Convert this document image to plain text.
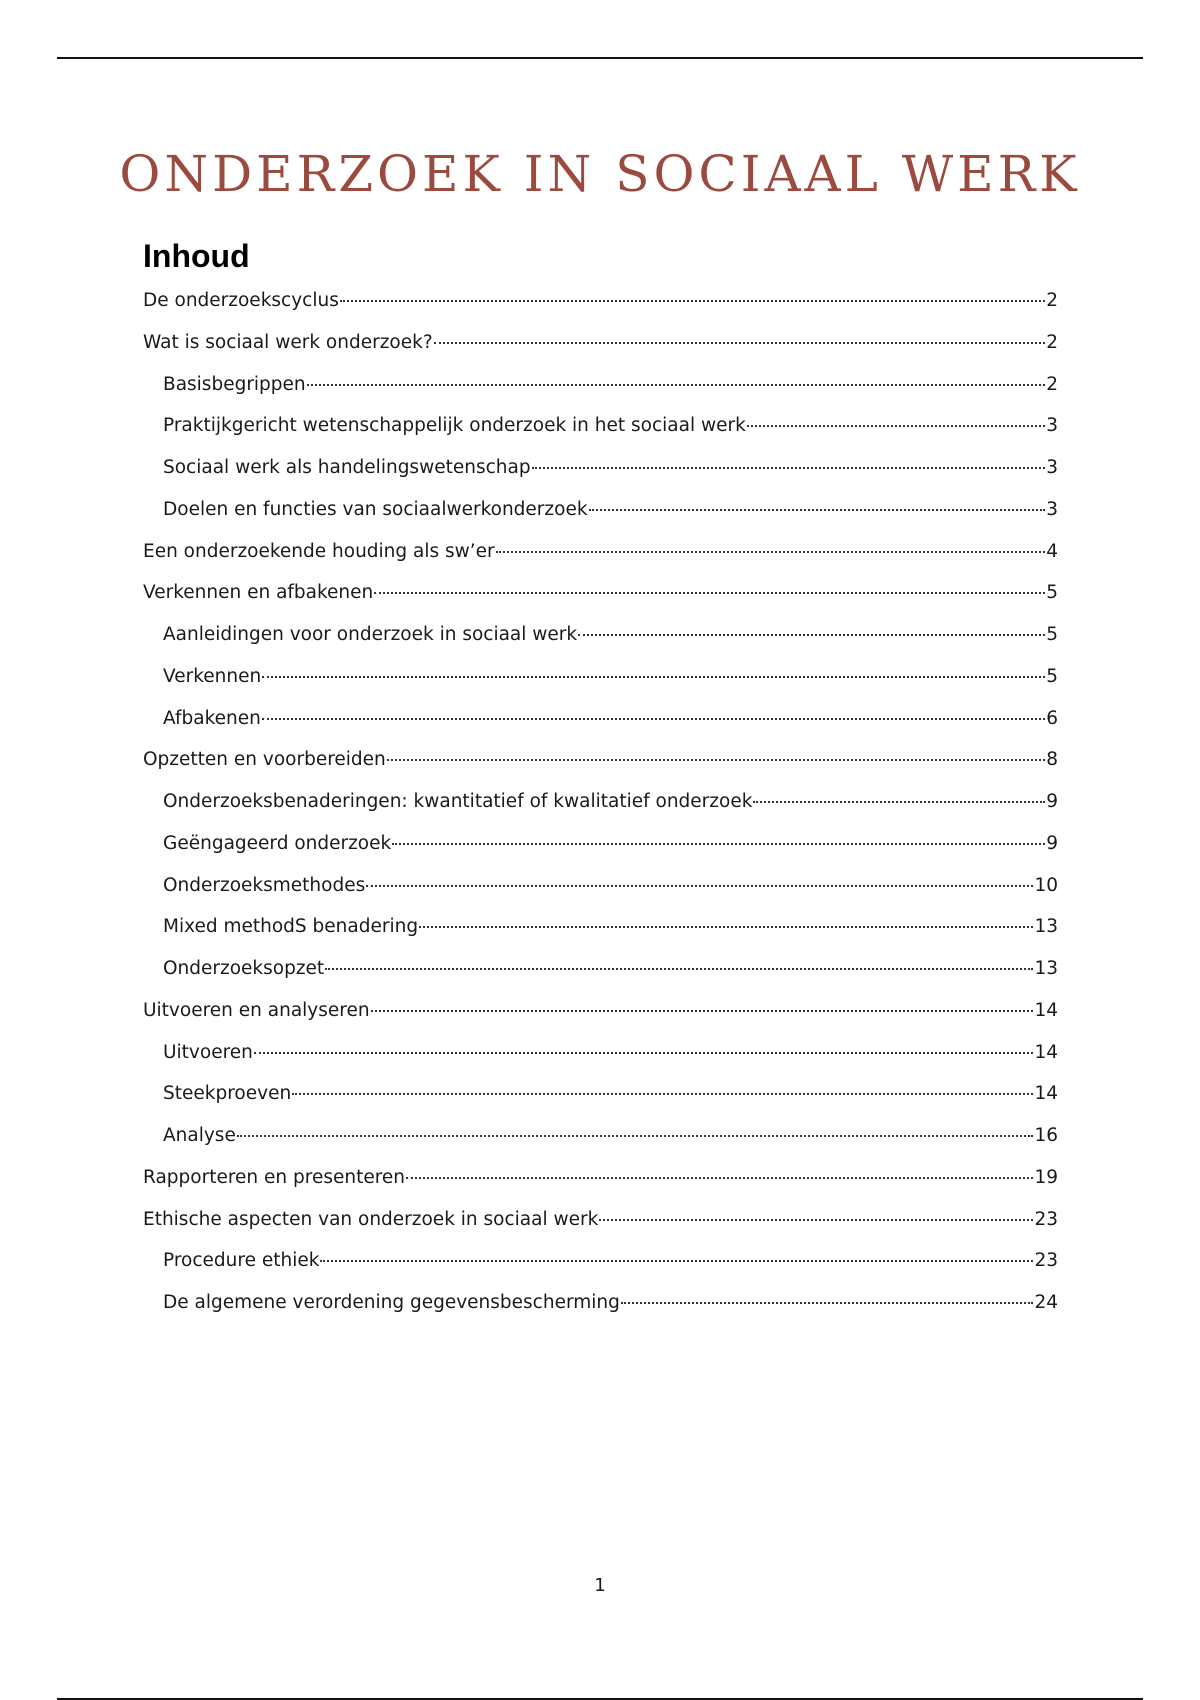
ONDERZOEK IN SOCIAAL WERK
Inhoud
De onderzoekscyclus	2
Wat is sociaal werk onderzoek?	2
Basisbegrippen	2
Praktijkgericht wetenschappelijk onderzoek in het sociaal werk	3
Sociaal werk als handelingswetenschap	3
Doelen en functies van sociaalwerkonderzoek	3
Een onderzoekende houding als sw’er	4
Verkennen en afbakenen	5
Aanleidingen voor onderzoek in sociaal werk	5
Verkennen	5
Afbakenen	6
Opzetten en voorbereiden	8
Onderzoeksbenaderingen: kwantitatief of kwalitatief onderzoek	9
Geëngageerd onderzoek	9
Onderzoeksmethodes	10
Mixed methodS benadering	13
Onderzoeksopzet	13
Uitvoeren en analyseren	14
Uitvoeren	14
Steekproeven	14
Analyse	16
Rapporteren en presenteren	19
Ethische aspecten van onderzoek in sociaal werk	23
Procedure ethiek	23
De algemene verordening gegevensbescherming	24
1
